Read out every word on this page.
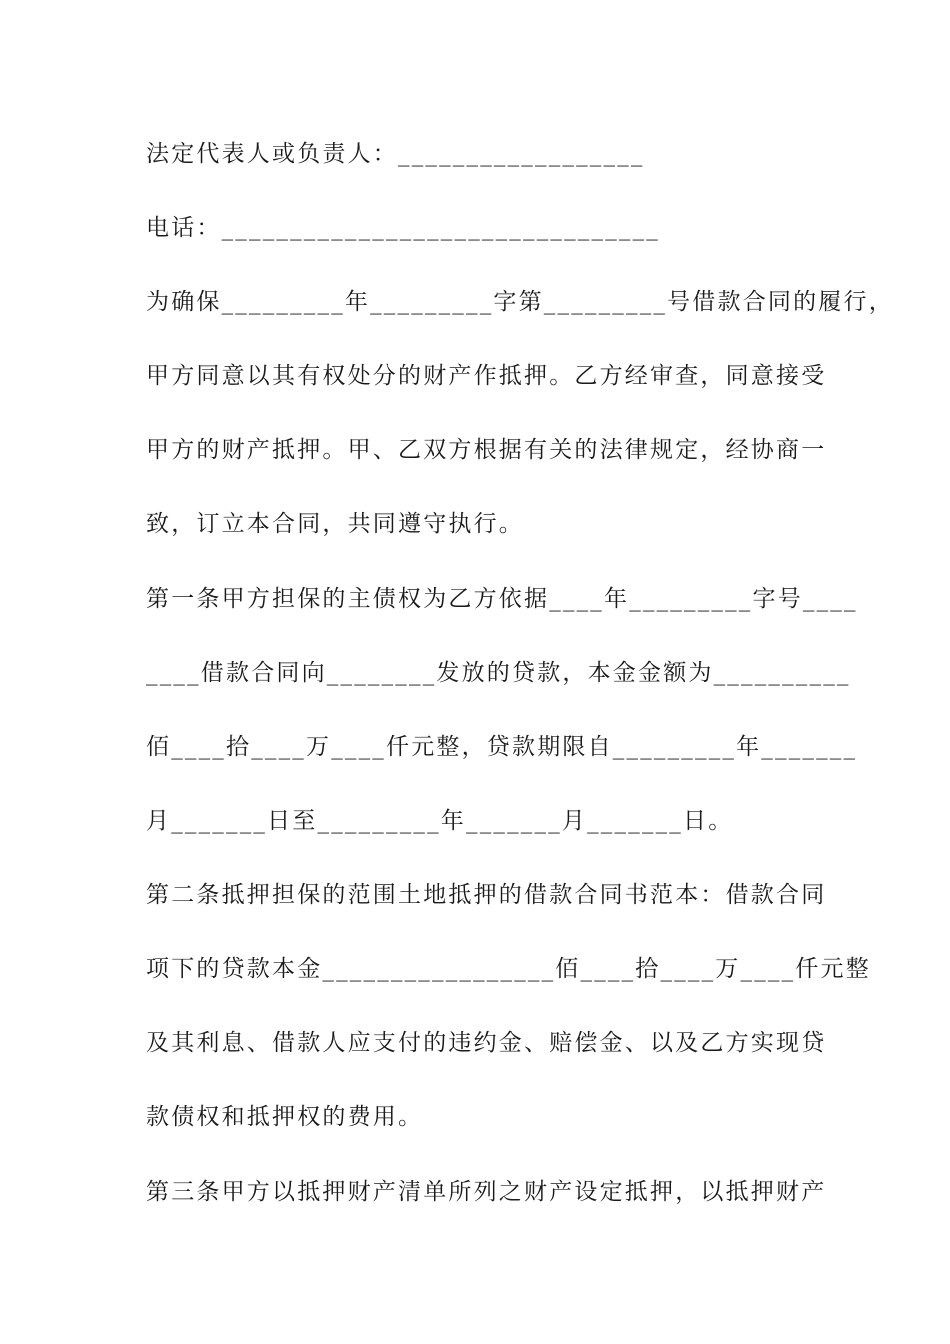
法定代表人或负责人：__________________
电话：________________________________
为确保_________年_________字第_________号借款合同的履行，
甲方同意以其有权处分的财产作抵押。乙方经审查，同意接受
甲方的财产抵押。甲、乙双方根据有关的法律规定，经协商一
致，订立本合同，共同遵守执行。
第一条甲方担保的主债权为乙方依据____年_________字号____
____借款合同向________发放的贷款，本金金额为__________
佰____拾____万____仟元整，贷款期限自_________年_______
月_______日至_________年_______月_______日。
第二条抵押担保的范围土地抵押的借款合同书范本：借款合同
项下的贷款本金_________________佰____拾____万____仟元整
及其利息、借款人应支付的违约金、赔偿金、以及乙方实现贷
款债权和抵押权的费用。
第三条甲方以抵押财产清单所列之财产设定抵押，以抵押财产
